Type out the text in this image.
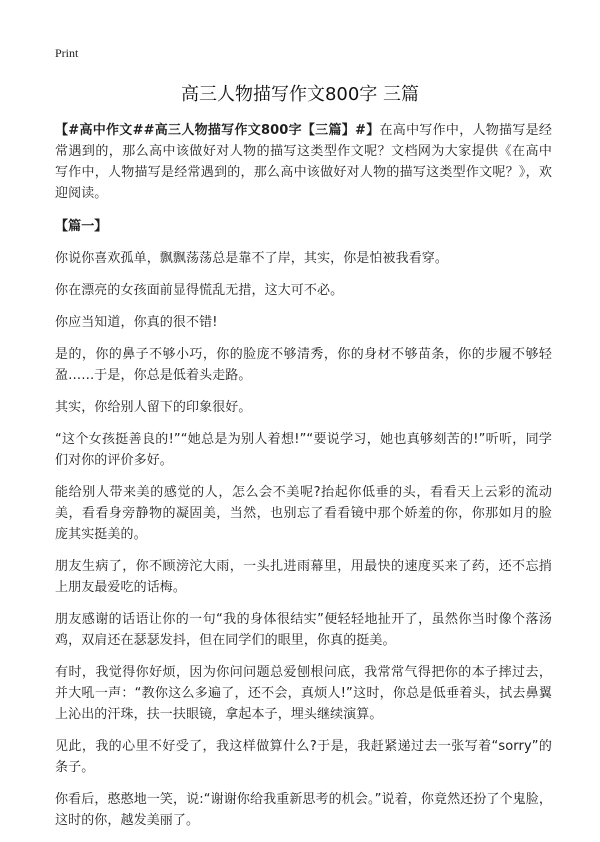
Print
高三人物描写作文800字 三篇

【#高中作文##高三人物描写作文800字【三篇】#】在高中写作中，人物描写是经常遇到的，那么高中该做好对人物的描写这类型作文呢？文档网为大家提供《在高中写作中，人物描写是经常遇到的，那么高中该做好对人物的描写这类型作文呢？》，欢迎阅读。

【篇一】

你说你喜欢孤单，飘飘荡荡总是靠不了岸，其实，你是怕被我看穿。

你在漂亮的女孩面前显得慌乱无措，这大可不必。

你应当知道，你真的很不错!

是的，你的鼻子不够小巧，你的脸庞不够清秀，你的身材不够苗条，你的步履不够轻盈……于是，你总是低着头走路。

其实，你给别人留下的印象很好。

“这个女孩挺善良的!”“她总是为别人着想!”“要说学习，她也真够刻苦的!”听听，同学们对你的评价多好。

能给别人带来美的感觉的人，怎么会不美呢?抬起你低垂的头，看看天上云彩的流动美，看看身旁静物的凝固美，当然，也别忘了看看镜中那个娇羞的你，你那如月的脸庞其实挺美的。

朋友生病了，你不顾滂沱大雨，一头扎进雨幕里，用最快的速度买来了药，还不忘捎上朋友最爱吃的话梅。

朋友感谢的话语让你的一句“我的身体很结实”便轻轻地扯开了，虽然你当时像个落汤鸡，双肩还在瑟瑟发抖，但在同学们的眼里，你真的挺美。

有时，我觉得你好烦，因为你问问题总爱刨根问底，我常常气得把你的本子摔过去，并大吼一声：“教你这么多遍了，还不会，真烦人!”这时，你总是低垂着头，拭去鼻翼上沁出的汗珠，扶一扶眼镜，拿起本子，埋头继续演算。

见此，我的心里不好受了，我这样做算什么?于是，我赶紧递过去一张写着“sorry”的条子。

你看后，憨憨地一笑，说:“谢谢你给我重新思考的机会。”说着，你竟然还扮了个鬼脸，这时的你，越发美丽了。
